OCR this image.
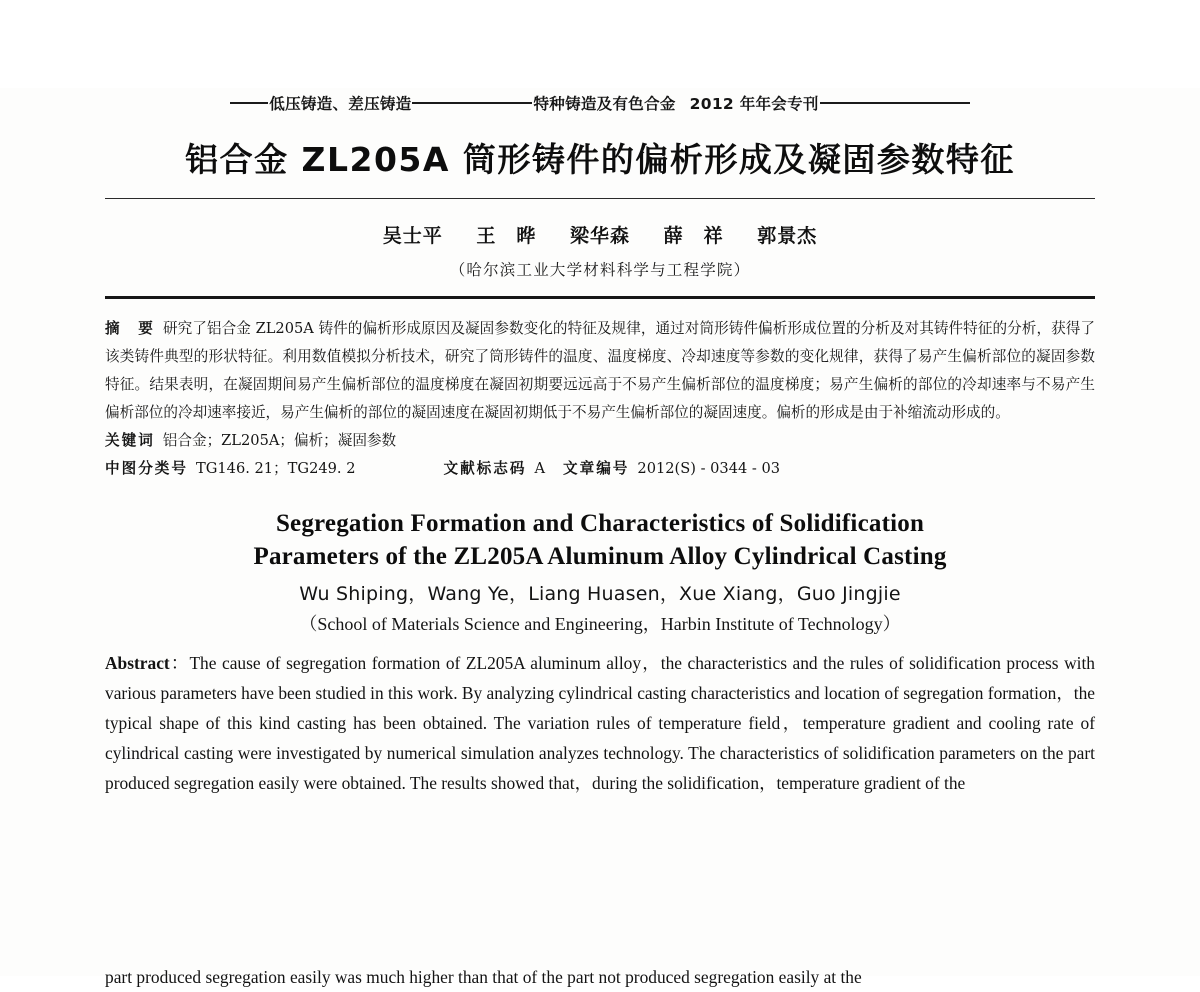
低压铸造、差压铸造	特种铸造及有色合金 2012 年年会专刊
铝合金 ZL205A 筒形铸件的偏析形成及凝固参数特征
吴士平 王　晔 梁华森 薛　祥 郭景杰
（哈尔滨工业大学材料科学与工程学院）

摘　要 研究了铝合金 ZL205A 铸件的偏析形成原因及凝固参数变化的特征及规律，通过对筒形铸件偏析形成位置的分析及对其铸件特征的分析，获得了该类铸件典型的形状特征。利用数值模拟分析技术，研究了筒形铸件的温度、温度梯度、冷却速度等参数的变化规律，获得了易产生偏析部位的凝固参数特征。结果表明，在凝固期间易产生偏析部位的温度梯度在凝固初期要远远高于不易产生偏析部位的温度梯度；易产生偏析的部位的冷却速率与不易产生偏析部位的冷却速率接近，易产生偏析的部位的凝固速度在凝固初期低于不易产生偏析部位的凝固速度。偏析的形成是由于补缩流动形成的。

关键词 铝合金；ZL205A；偏析；凝固参数
中图分类号 TG146. 21；TG249. 2	文献标志码 A 文章编号 2012(S) - 0344 - 03
Segregation Formation and Characteristics of Solidification
Parameters of the ZL205A Aluminum Alloy Cylindrical Casting
Wu Shiping，Wang Ye，Liang Huasen，Xue Xiang，Guo Jingjie
（School of Materials Science and Engineering，Harbin Institute of Technology）

Abstract：The cause of segregation formation of ZL205A aluminum alloy，the characteristics and the rules of solidification process with various parameters have been studied in this work. By analyzing cylindrical casting characteristics and location of segregation formation，the typical shape of this kind casting has been obtained. The variation rules of temperature field，temperature gradient and cooling rate of cylindrical casting were investigated by numerical simulation analyzes technology. The characteristics of solidification parameters on the part produced segregation easily were obtained. The results showed that，during the solidification，temperature gradient of the

part produced segregation easily was much higher than that of the part not produced segregation easily at the
